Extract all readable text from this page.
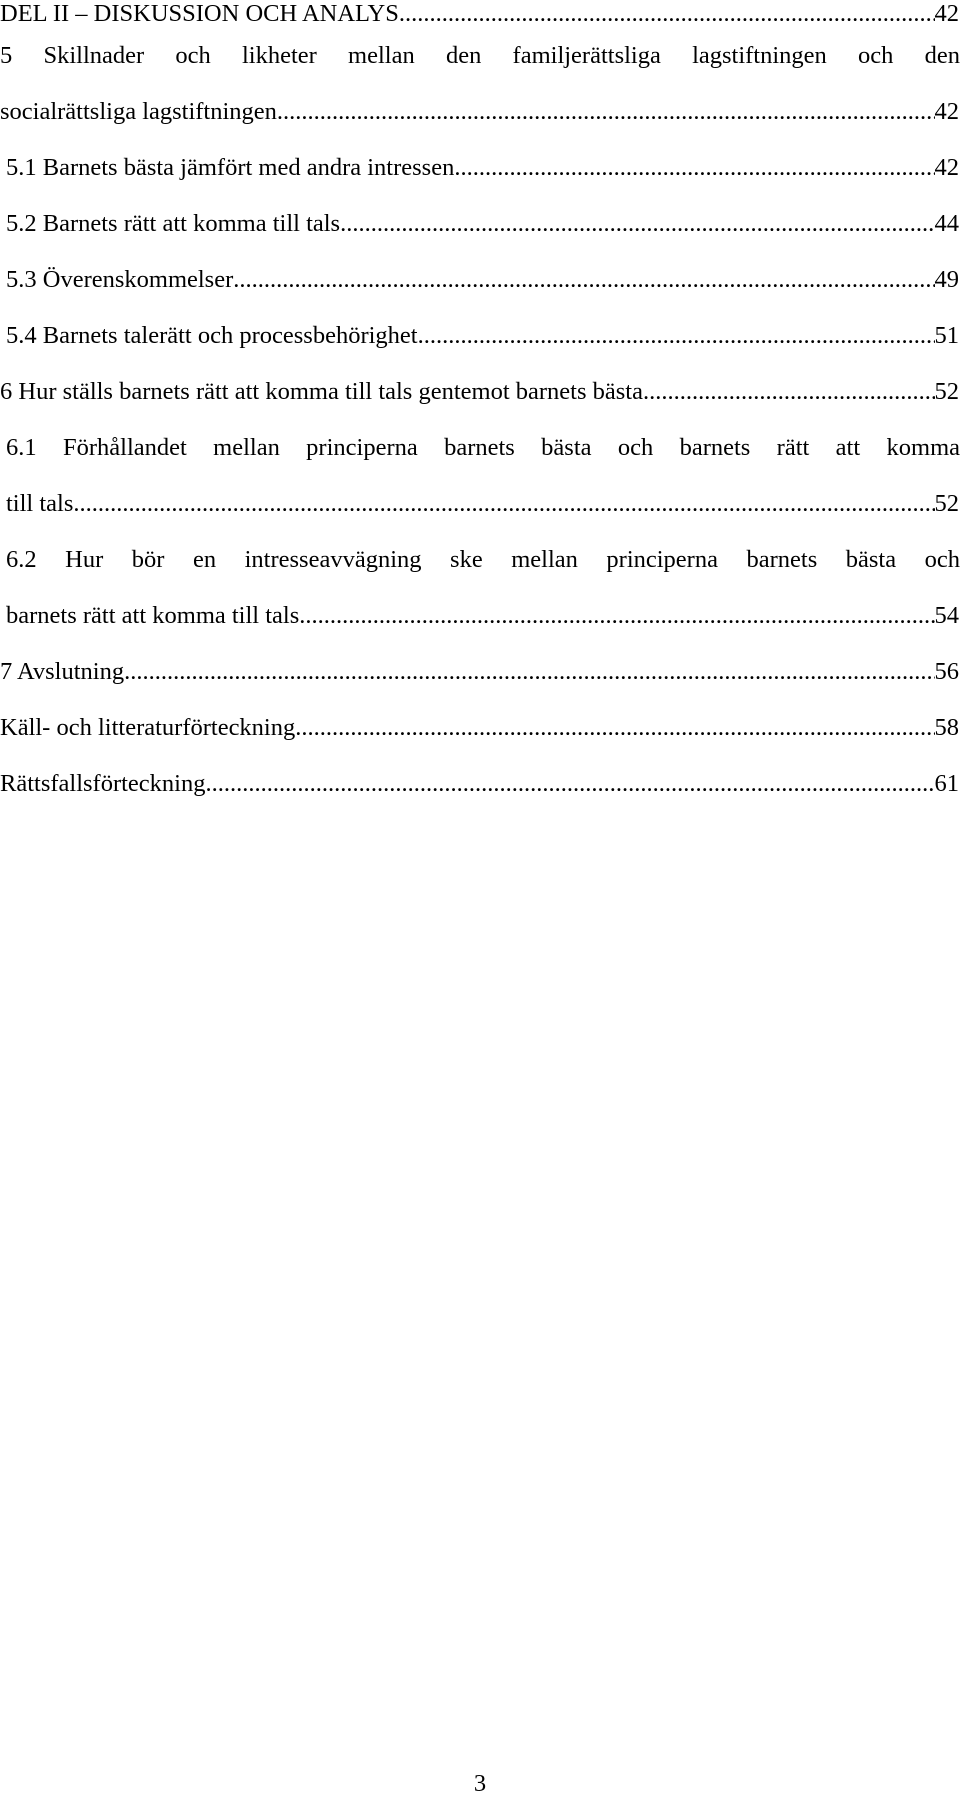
DEL II – DISKUSSION OCH ANALYS .....	42
5 Skillnader och likheter mellan den familjerättsliga lagstiftningen och den
socialrättsliga lagstiftningen .....	42
5.1 Barnets bästa jämfört med andra intressen .....	42
5.2 Barnets rätt att komma till tals .....	44
5.3 Överenskommelser .....	49
5.4 Barnets talerätt och processbehörighet .....	51
6 Hur ställs barnets rätt att komma till tals gentemot barnets bästa .....	52
6.1 Förhållandet mellan principerna barnets bästa och barnets rätt att komma
till tals .....	52
6.2 Hur bör en intresseavvägning ske mellan principerna barnets bästa och
barnets rätt att komma till tals .....	54
7 Avslutning .....	56
Käll- och litteraturförteckning .....	58
Rättsfallsförteckning .....	61
3
